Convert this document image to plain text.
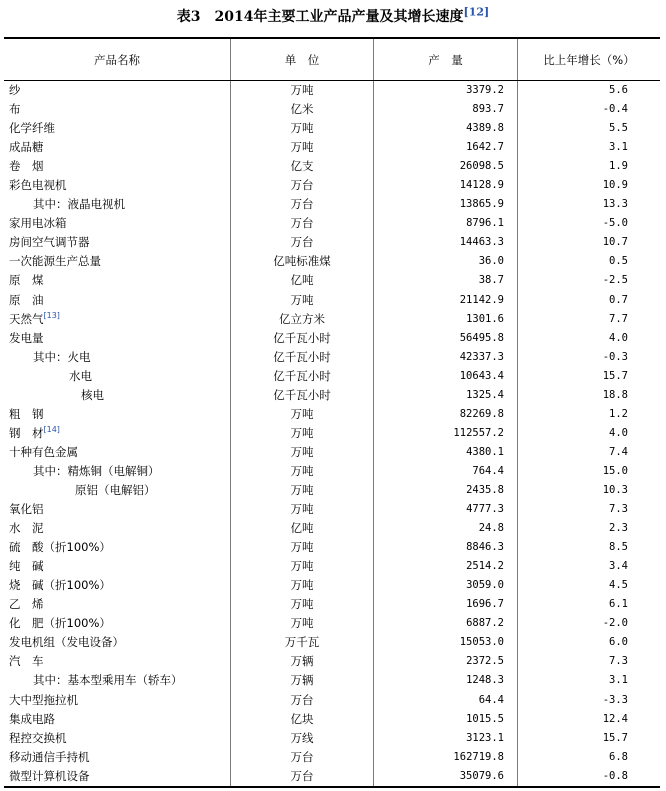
表3　2014年主要工业产品产量及其增长速度[12]
产品名称	单　位	产　量	比上年增长（%）
纱	万吨	3379.2	5.6
布	亿米	893.7	-0.4
化学纤维	万吨	4389.8	5.5
成品糖	万吨	1642.7	3.1
卷　烟	亿支	26098.5	1.9
彩色电视机	万台	14128.9	10.9
其中：液晶电视机	万台	13865.9	13.3
家用电冰箱	万台	8796.1	-5.0
房间空气调节器	万台	14463.3	10.7
一次能源生产总量	亿吨标准煤	36.0	0.5
原　煤	亿吨	38.7	-2.5
原　油	万吨	21142.9	0.7
天然气[13]	亿立方米	1301.6	7.7
发电量	亿千瓦小时	56495.8	4.0
其中：火电	亿千瓦小时	42337.3	-0.3
水电	亿千瓦小时	10643.4	15.7
核电	亿千瓦小时	1325.4	18.8
粗　钢	万吨	82269.8	1.2
钢　材[14]	万吨	112557.2	4.0
十种有色金属	万吨	4380.1	7.4
其中：精炼铜（电解铜）	万吨	764.4	15.0
原铝（电解铝）	万吨	2435.8	10.3
氧化铝	万吨	4777.3	7.3
水　泥	亿吨	24.8	2.3
硫　酸（折100%）	万吨	8846.3	8.5
纯　碱	万吨	2514.2	3.4
烧　碱（折100%）	万吨	3059.0	4.5
乙　烯	万吨	1696.7	6.1
化　肥（折100%）	万吨	6887.2	-2.0
发电机组（发电设备）	万千瓦	15053.0	6.0
汽　车	万辆	2372.5	7.3
其中：基本型乘用车（轿车）	万辆	1248.3	3.1
大中型拖拉机	万台	64.4	-3.3
集成电路	亿块	1015.5	12.4
程控交换机	万线	3123.1	15.7
移动通信手持机	万台	162719.8	6.8
微型计算机设备	万台	35079.6	-0.8
